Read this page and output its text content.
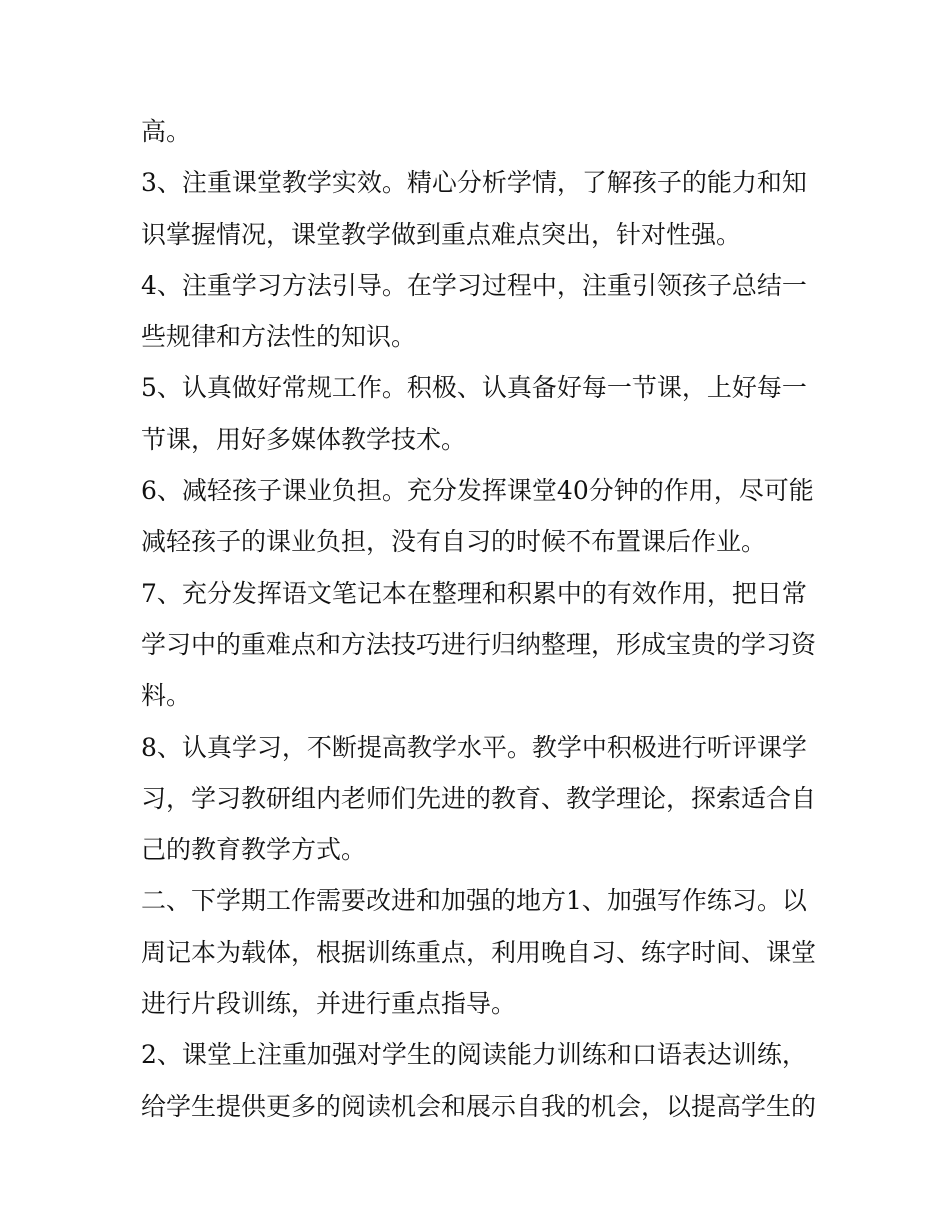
高。
3、注重课堂教学实效。精心分析学情，了解孩子的能力和知
识掌握情况，课堂教学做到重点难点突出，针对性强。
4、注重学习方法引导。在学习过程中，注重引领孩子总结一
些规律和方法性的知识。
5、认真做好常规工作。积极、认真备好每一节课，上好每一
节课，用好多媒体教学技术。
6、减轻孩子课业负担。充分发挥课堂40分钟的作用，尽可能
减轻孩子的课业负担，没有自习的时候不布置课后作业。
7、充分发挥语文笔记本在整理和积累中的有效作用，把日常
学习中的重难点和方法技巧进行归纳整理，形成宝贵的学习资
料。
8、认真学习，不断提高教学水平。教学中积极进行听评课学
习，学习教研组内老师们先进的教育、教学理论，探索适合自
己的教育教学方式。
二、下学期工作需要改进和加强的地方1、加强写作练习。以
周记本为载体，根据训练重点，利用晚自习、练字时间、课堂
进行片段训练，并进行重点指导。
2、课堂上注重加强对学生的阅读能力训练和口语表达训练，
给学生提供更多的阅读机会和展示自我的机会，以提高学生的
